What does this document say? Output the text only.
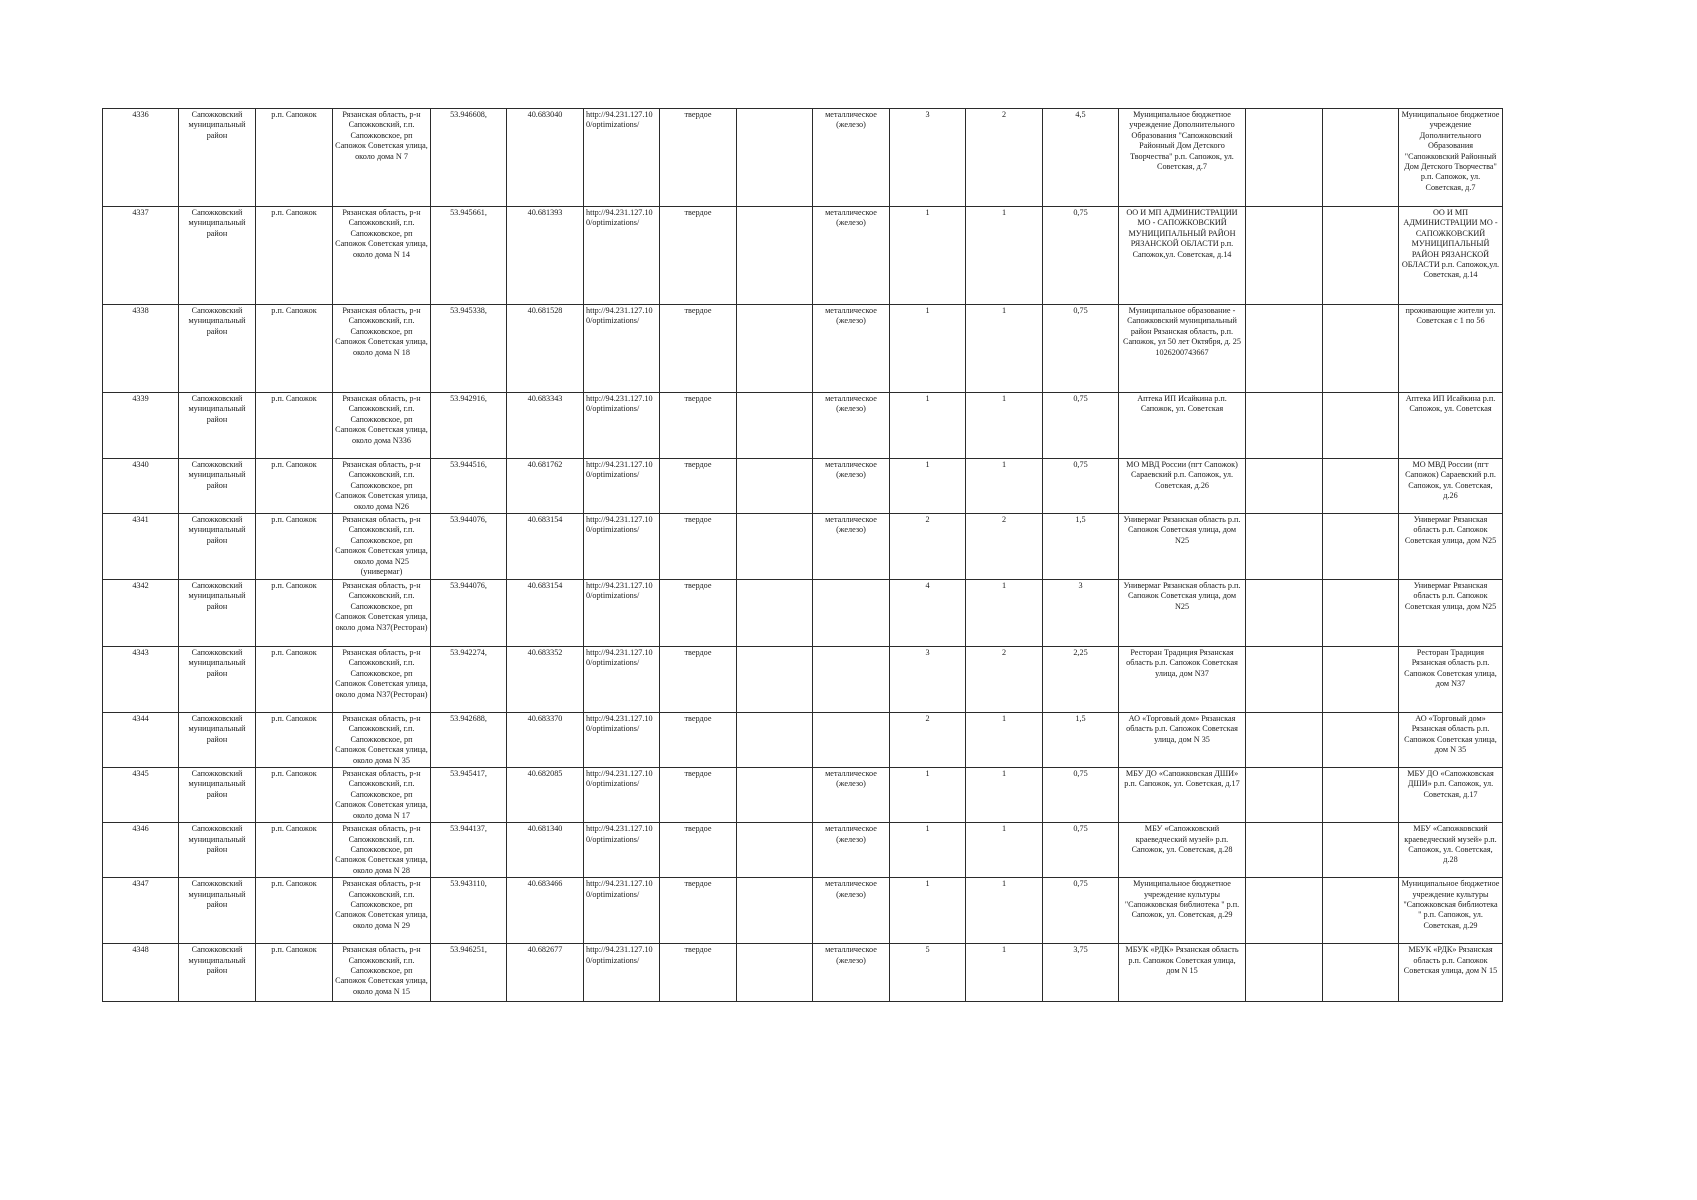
4336	Сапожковский муниципальный район	р.п. Сапожок	Рязанская область, р-н Сапожковский, г.п. Сапожковское, рп Сапожок Советская улица, около дома N 7	53.946608,	40.683040	http://94.231.127.10 0/optimizations/	твердое		металлическое (железо)	3	2	4,5	Муниципальное бюджетное учреждение Дополнительного Образования "Сапожковский Районный Дом Детского Творчества" р.п. Сапожок, ул. Советская, д.7			Муниципальное бюджетное учреждение Дополнительного Образования "Сапожковский Районный Дом Детского Творчества" р.п. Сапожок, ул. Советская, д.7
4337	Сапожковский муниципальный район	р.п. Сапожок	Рязанская область, р-н Сапожковский, г.п. Сапожковское, рп Сапожок Советская улица, около дома N 14	53.945661,	40.681393	http://94.231.127.10 0/optimizations/	твердое		металлическое (железо)	1	1	0,75	ОО И МП АДМИНИСТРАЦИИ МО - САПОЖКОВСКИЙ МУНИЦИПАЛЬНЫЙ РАЙОН РЯЗАНСКОЙ ОБЛАСТИ р.п. Сапожок,ул. Советская, д.14			ОО И МП АДМИНИСТРАЦИИ МО - САПОЖКОВСКИЙ МУНИЦИПАЛЬНЫЙ РАЙОН РЯЗАНСКОЙ ОБЛАСТИ р.п. Сапожок,ул. Советская, д.14
4338	Сапожковский муниципальный район	р.п. Сапожок	Рязанская область, р-н Сапожковский, г.п. Сапожковское, рп Сапожок Советская улица, около дома N 18	53.945338,	40.681528	http://94.231.127.10 0/optimizations/	твердое		металлическое (железо)	1	1	0,75	Муниципальное образование - Сапожковский муниципальный район Рязанская область, р.п. Сапожок, ул 50 лет Октября, д. 25 1026200743667			проживающие жители ул. Советская с 1 по 56
4339	Сапожковский муниципальный район	р.п. Сапожок	Рязанская область, р-н Сапожковский, г.п. Сапожковское, рп Сапожок Советская улица, около дома N336	53.942916,	40.683343	http://94.231.127.10 0/optimizations/	твердое		металлическое (железо)	1	1	0,75	Аптека ИП Исайкина р.п. Сапожок, ул. Советская			Аптека ИП Исайкина р.п. Сапожок, ул. Советская
4340	Сапожковский муниципальный район	р.п. Сапожок	Рязанская область, р-н Сапожковский, г.п. Сапожковское, рп Сапожок Советская улица, около дома N26	53.944516,	40.681762	http://94.231.127.10 0/optimizations/	твердое		металлическое (железо)	1	1	0,75	МО МВД России (пгт Сапожок) Сараевский р.п. Сапожок, ул. Советская, д.26			МО МВД России (пгт Сапожок) Сараевский р.п. Сапожок, ул. Советская, д.26
4341	Сапожковский муниципальный район	р.п. Сапожок	Рязанская область, р-н Сапожковский, г.п. Сапожковское, рп Сапожок Советская улица, около дома N25 (универмаг)	53.944076,	40.683154	http://94.231.127.10 0/optimizations/	твердое		металлическое (железо)	2	2	1,5	Универмаг Рязанская область р.п. Сапожок Советская улица, дом N25			Универмаг Рязанская область р.п. Сапожок Советская улица, дом N25
4342	Сапожковский муниципальный район	р.п. Сапожок	Рязанская область, р-н Сапожковский, г.п. Сапожковское, рп Сапожок Советская улица, около дома N37(Ресторан)	53.944076,	40.683154	http://94.231.127.10 0/optimizations/	твердое			4	1	3	Универмаг Рязанская область р.п. Сапожок Советская улица, дом N25			Универмаг Рязанская область р.п. Сапожок Советская улица, дом N25
4343	Сапожковский муниципальный район	р.п. Сапожок	Рязанская область, р-н Сапожковский, г.п. Сапожковское, рп Сапожок Советская улица, около дома N37(Ресторан)	53.942274,	40.683352	http://94.231.127.10 0/optimizations/	твердое			3	2	2,25	Ресторан Традиция Рязанская область р.п. Сапожок Советская улица, дом N37			Ресторан Традиция Рязанская область р.п. Сапожок Советская улица, дом N37
4344	Сапожковский муниципальный район	р.п. Сапожок	Рязанская область, р-н Сапожковский, г.п. Сапожковское, рп Сапожок Советская улица, около дома N 35	53.942688,	40.683370	http://94.231.127.10 0/optimizations/	твердое			2	1	1,5	АО «Торговый дом» Рязанская область р.п. Сапожок Советская улица, дом N 35			АО «Торговый дом» Рязанская область р.п. Сапожок Советская улица, дом N 35
4345	Сапожковский муниципальный район	р.п. Сапожок	Рязанская область, р-н Сапожковский, г.п. Сапожковское, рп Сапожок Советская улица, около дома N 17	53.945417,	40.682085	http://94.231.127.10 0/optimizations/	твердое		металлическое (железо)	1	1	0,75	МБУ ДО «Сапожковская ДШИ» р.п. Сапожок, ул. Советская, д.17			МБУ ДО «Сапожковская ДШИ» р.п. Сапожок, ул. Советская, д.17
4346	Сапожковский муниципальный район	р.п. Сапожок	Рязанская область, р-н Сапожковский, г.п. Сапожковское, рп Сапожок Советская улица, около дома N 28	53.944137,	40.681340	http://94.231.127.10 0/optimizations/	твердое		металлическое (железо)	1	1	0,75	МБУ «Сапожковский краеведческий музей» р.п. Сапожок, ул. Советская, д.28			МБУ «Сапожковский краеведческий музей» р.п. Сапожок, ул. Советская, д.28
4347	Сапожковский муниципальный район	р.п. Сапожок	Рязанская область, р-н Сапожковский, г.п. Сапожковское, рп Сапожок Советская улица, около дома N 29	53.943110,	40.683466	http://94.231.127.10 0/optimizations/	твердое		металлическое (железо)	1	1	0,75	Муниципальное бюджетное учреждение культуры "Сапожковская библиотека " р.п. Сапожок, ул. Советская, д.29			Муниципальное бюджетное учреждение культуры "Сапожковская библиотека " р.п. Сапожок, ул. Советская, д.29
4348	Сапожковский муниципальный район	р.п. Сапожок	Рязанская область, р-н Сапожковский, г.п. Сапожковское, рп Сапожок Советская улица, около дома N 15	53.946251,	40.682677	http://94.231.127.10 0/optimizations/	твердое		металлическое (железо)	5	1	3,75	МБУК «РДК» Рязанская область р.п. Сапожок Советская улица, дом N 15			МБУК «РДК» Рязанская область р.п. Сапожок Советская улица, дом N 15
